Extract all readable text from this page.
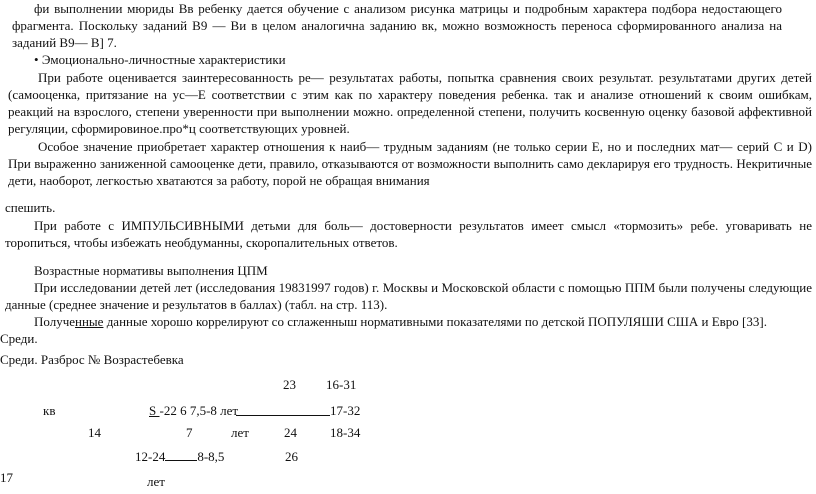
фи выполнении мюриды Вв ребенку дается обучение с анализом рисунка матрицы и подробным характера подбора недостающего
фрагмента. Поскольку заданий В9 — Ви в целом аналогична заданию вк, можно возможность переноса сформированного анализа на
заданий В9— В] 7.
• Эмоционально-личностные характеристики
При работе оценивается заинтересованность ре— результатах работы, попытка сравнения своих результат. результатами других детей
(самооценка, притязание на ус—Е соответствии с этим как по характеру поведения ребенка. так и анализе отношений к своим ошибкам,
реакций на взрослого, степени уверенности при выполнении можно. определенной степени, получить косвенную оценку базовой аффективной
регуляции, сформировиное.про*ц соответствующих уровней.
Особое значение приобретает характер отношения к наиб— трудным заданиям (не только серии Е, но и последних мат— серий С и D)
При выраженно заниженной самооценке дети, правило, отказываются от возможности выполнить само декларируя его трудность. Некритичные
дети, наоборот, легкостью хватаются за работу, порой не обращая внимания
спешить.
При работе с ИМПУЛЬСИВНЫМИ детьми для боль— достоверности результатов имеет смысл «тормозить» ребе. уговаривать не
торопиться, чтобы избежать необдуманны, скоропалительных ответов.
Возрастные нормативы выполнения ЦПМ
При исследовании детей лет (исследования 19831997 годов) г. Москвы и Московской области с помощью ППМ были получены следующие
данные (среднее значение и результатов в баллах) (табл. на стр. 113).
Полученные данные хорошо коррелируют со сглаженныш нормативными показателями по детской ПОПУЛЯШИ США и Евро [33].
Среди.
Среди. Разброс № Возрастебевка
23 16-31
кв	S -22 6 7,5-8 лет	17-32
14	7	лет	24	18-34
12-24 8-8,5	26
17	лет
